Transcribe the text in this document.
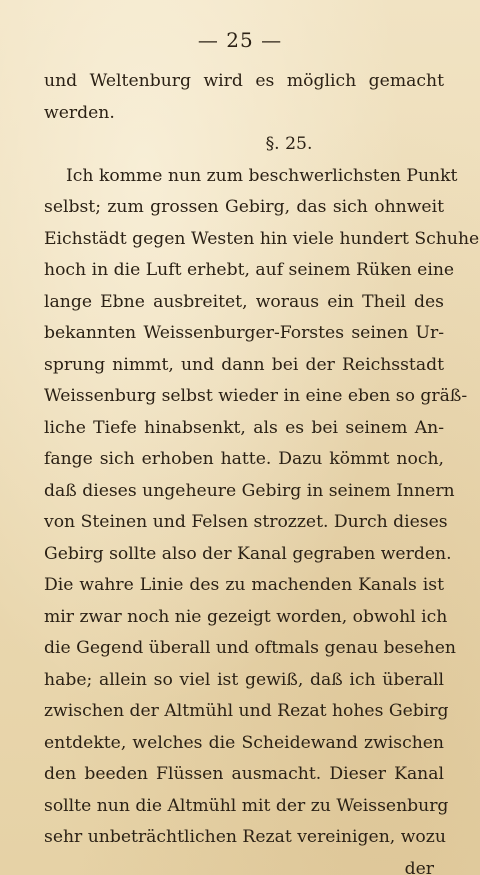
— 25 —
und Weltenburg wird es möglich gemacht
werden.
§. 25.
Ich komme nun zum beschwerlichsten Punkt
selbst; zum grossen Gebirg, das sich ohnweit
Eichstädt gegen Westen hin viele hundert Schuhe
hoch in die Luft erhebt, auf seinem Rüken eine
lange Ebne ausbreitet, woraus ein Theil des
bekannten Weissenburger-Forstes seinen Ur-
sprung nimmt, und dann bei der Reichsstadt
Weissenburg selbst wieder in eine eben so gräß-
liche Tiefe hinabsenkt, als es bei seinem An-
fange sich erhoben hatte. Dazu kömmt noch,
daß dieses ungeheure Gebirg in seinem Innern
von Steinen und Felsen strozzet. Durch dieses
Gebirg sollte also der Kanal gegraben werden.
Die wahre Linie des zu machenden Kanals ist
mir zwar noch nie gezeigt worden, obwohl ich
die Gegend überall und oftmals genau besehen
habe; allein so viel ist gewiß, daß ich überall
zwischen der Altmühl und Rezat hohes Gebirg
entdekte, welches die Scheidewand zwischen
den beeden Flüssen ausmacht. Dieser Kanal
sollte nun die Altmühl mit der zu Weissenburg
sehr unbeträchtlichen Rezat vereinigen, wozu
der
